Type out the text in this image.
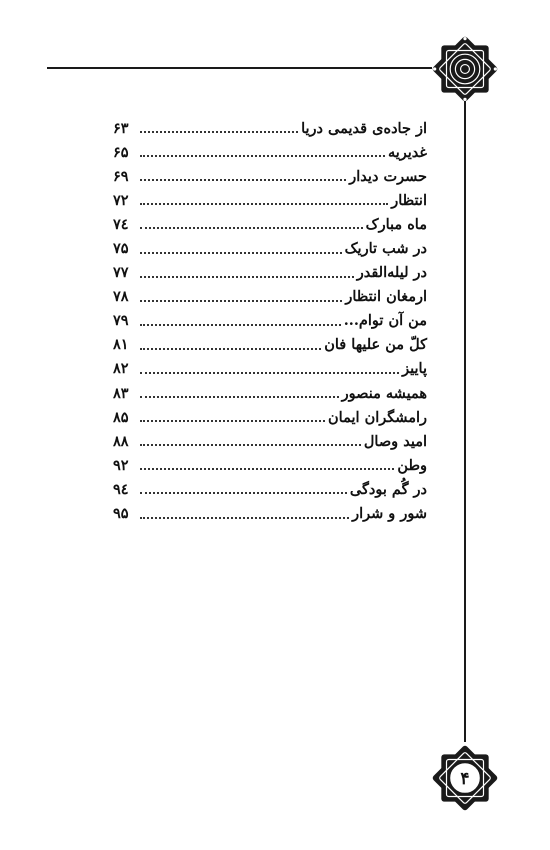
۴
از جاده‌ی قدیمی دریا
۶۳
غدیریه
۶۵
حسرت دیدار
۶۹
انتظار
۷۲
ماه مبارک
۷٤
در شب تاریک
۷۵
در لیله‌القدر
۷۷
ارمغان انتظار
۷۸
من آن توام...
۷۹
کلّ من علیها فان
۸۱
پاییز
۸۲
همیشه منصور
۸۳
رامشگران ایمان
۸۵
امید وصال
۸۸
وطن
۹۲
در گُم بودگی
۹٤
شور و شرار
۹۵
